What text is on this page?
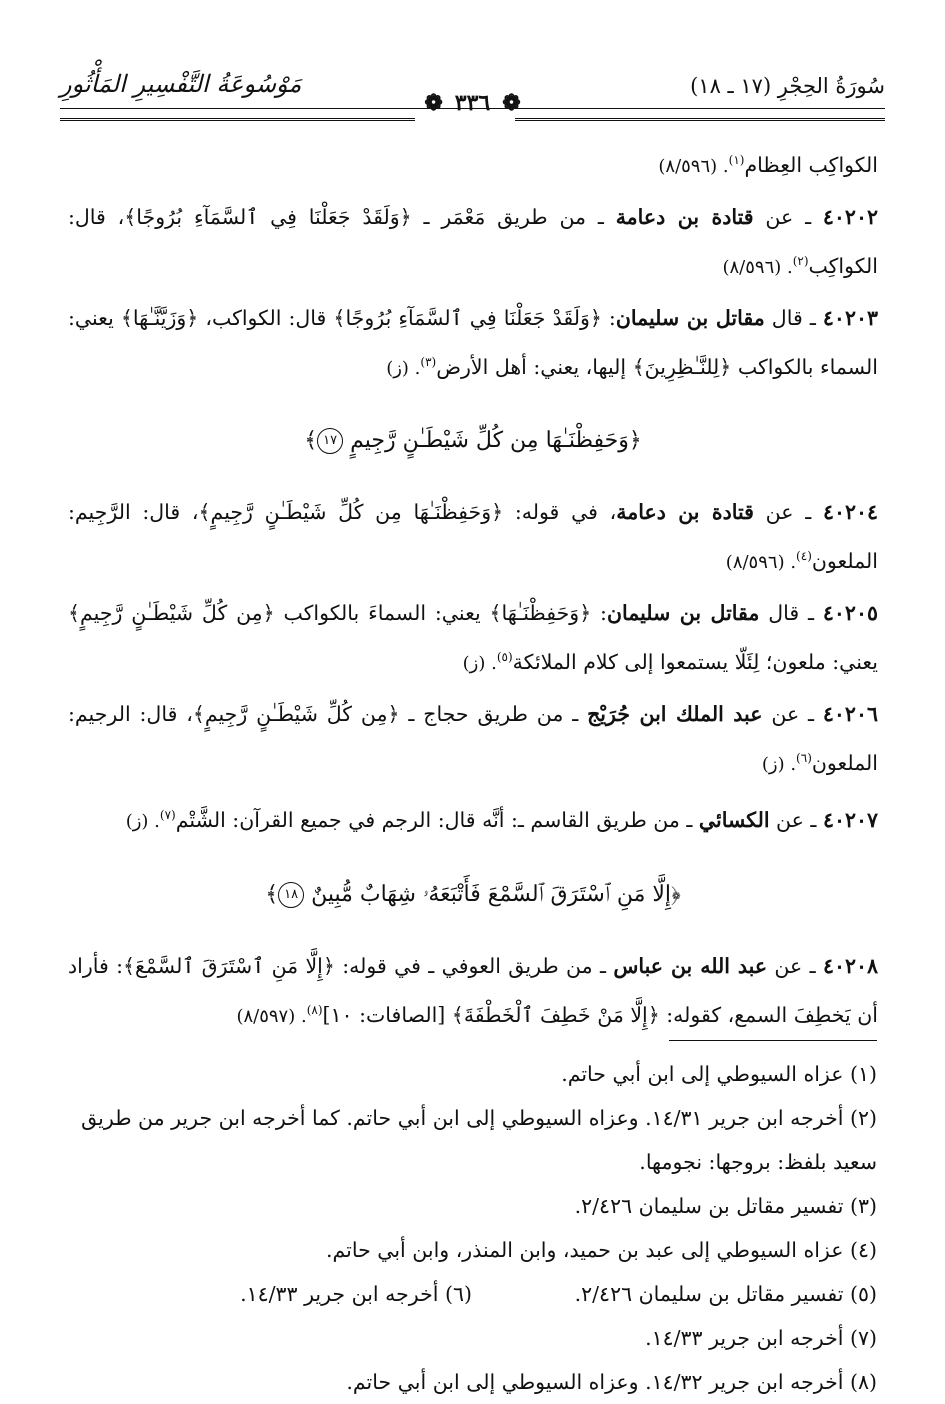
مَوْسُوعَةُ التَّفْسِيرِ المَأْثُورِ	سُورَةُ الحِجْرِ (١٧ ـ ١٨)
❁٣٣٦❁

الكواكِب العِظام$^{(١)}$. (٨/٥٩٦)

٤٠٢٠٢ ـ عن قتادة بن دعامة ـ من طريق مَعْمَر ـ ﴿وَلَقَدْ جَعَلْنَا فِي ٱلسَّمَآءِ بُرُوجًا﴾، قال: الكواكِب$^{(٢)}$. (٨/٥٩٦)

٤٠٢٠٣ ـ قال مقاتل بن سليمان: ﴿وَلَقَدْ جَعَلْنَا فِي ٱلسَّمَآءِ بُرُوجًا﴾ قال: الكواكب، ﴿وَزَيَّنَّـٰهَا﴾ يعني: السماء بالكواكب ﴿لِلنَّـٰظِرِينَ﴾ إليها، يعني: أهل الأرض$^{(٣)}$. (ز)

﴿وَحَفِظْنَـٰهَا مِن كُلِّ شَيْطَـٰنٍ رَّجِيمٍ ١٧﴾

٤٠٢٠٤ ـ عن قتادة بن دعامة، في قوله: ﴿وَحَفِظْنَـٰهَا مِن كُلِّ شَيْطَـٰنٍ رَّجِيمٍ﴾، قال: الرَّجِيم: الملعون$^{(٤)}$. (٨/٥٩٦)

٤٠٢٠٥ ـ قال مقاتل بن سليمان: ﴿وَحَفِظْنَـٰهَا﴾ يعني: السماءَ بالكواكب ﴿مِن كُلِّ شَيْطَـٰنٍ رَّجِيمٍ﴾ يعني: ملعون؛ لِئَلّا يستمعوا إلى كلام الملائكة$^{(٥)}$. (ز)

٤٠٢٠٦ ـ عن عبد الملك ابن جُرَيْج ـ من طريق حجاج ـ ﴿مِن كُلِّ شَيْطَـٰنٍ رَّجِيمٍ﴾، قال: الرجيم: الملعون$^{(٦)}$. (ز)

٤٠٢٠٧ ـ عن الكسائي ـ من طريق القاسم ـ: أنَّه قال: الرجم في جميع القرآن: الشَّتْم$^{(٧)}$. (ز)

﴿إِلَّا مَنِ ٱسْتَرَقَ ٱلسَّمْعَ فَأَتْبَعَهُۥ شِهَابٌ مُّبِينٌ ١٨﴾

٤٠٢٠٨ ـ عن عبد الله بن عباس ـ من طريق العوفي ـ في قوله: ﴿إِلَّا مَنِ ٱسْتَرَقَ ٱلسَّمْعَ﴾: فأراد أن يَخطِفَ السمع، كقوله: ﴿إِلَّا مَنْ خَطِفَ ٱلْخَطْفَةَ﴾ [الصافات: ١٠]$^{(٨)}$. (٨/٥٩٧)

(١) عزاه السيوطي إلى ابن أبي حاتم.

(٢) أخرجه ابن جرير ١٤/٣١. وعزاه السيوطي إلى ابن أبي حاتم. كما أخرجه ابن جرير من طريق سعيد بلفظ: بروجها: نجومها.

(٣) تفسير مقاتل بن سليمان ٢/٤٢٦.

(٤) عزاه السيوطي إلى عبد بن حميد، وابن المنذر، وابن أبي حاتم.

(٥) تفسير مقاتل بن سليمان ٢/٤٢٦.

(٦) أخرجه ابن جرير ١٤/٣٣.

(٧) أخرجه ابن جرير ١٤/٣٣.

(٨) أخرجه ابن جرير ١٤/٣٢. وعزاه السيوطي إلى ابن أبي حاتم.
